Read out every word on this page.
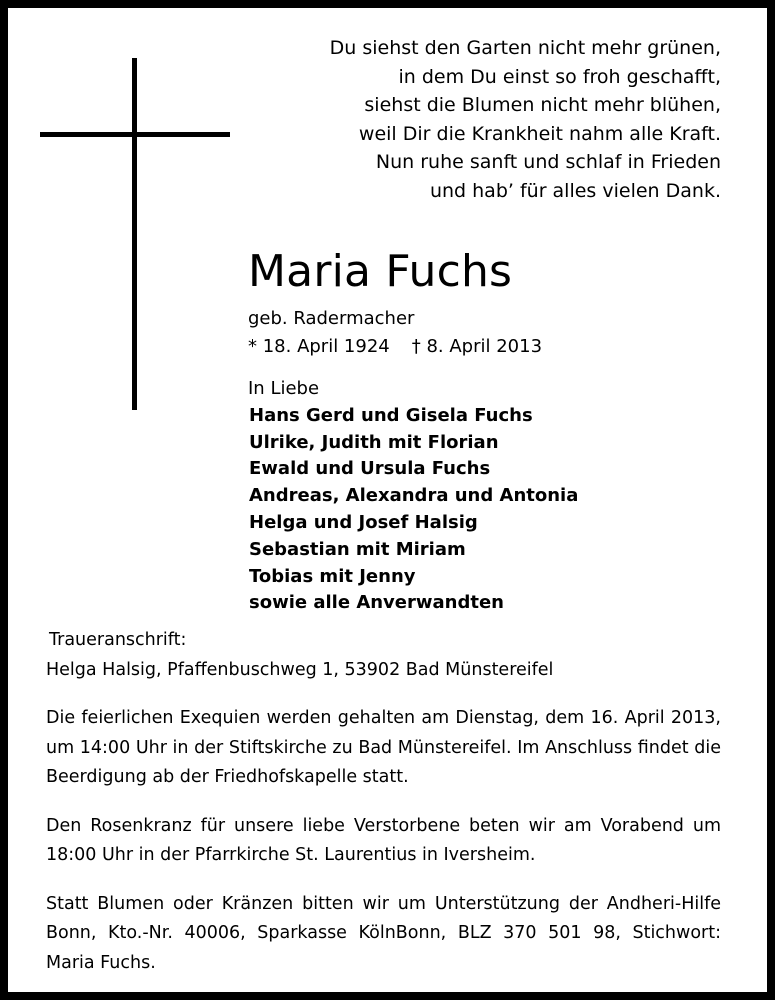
Du siehst den Garten nicht mehr grünen,
in dem Du einst so froh geschafft,
siehst die Blumen nicht mehr blühen,
weil Dir die Krankheit nahm alle Kraft.
Nun ruhe sanft und schlaf in Frieden
und hab’ für alles vielen Dank.
Maria Fuchs
geb. Radermacher
* 18. April 1924 † 8. April 2013
In Liebe
Hans Gerd und Gisela Fuchs
Ulrike, Judith mit Florian
Ewald und Ursula Fuchs
Andreas, Alexandra und Antonia
Helga und Josef Halsig
Sebastian mit Miriam
Tobias mit Jenny
sowie alle Anverwandten

Traueranschrift:
Helga Halsig, Pfaffenbuschweg 1, 53902 Bad Münstereifel

Die feierlichen Exequien werden gehalten am Dienstag, dem 16. April 2013, um 14:00 Uhr in der Stiftskirche zu Bad Münstereifel. Im Anschluss findet die Beerdigung ab der Friedhofskapelle statt.

Den Rosenkranz für unsere liebe Verstorbene beten wir am Vorabend um 18:00 Uhr in der Pfarrkirche St. Laurentius in Iversheim.

Statt Blumen oder Kränzen bitten wir um Unterstützung der Andheri-Hilfe Bonn, Kto.-Nr. 40006, Sparkasse KölnBonn, BLZ 370 501 98, Stichwort: Maria Fuchs.
